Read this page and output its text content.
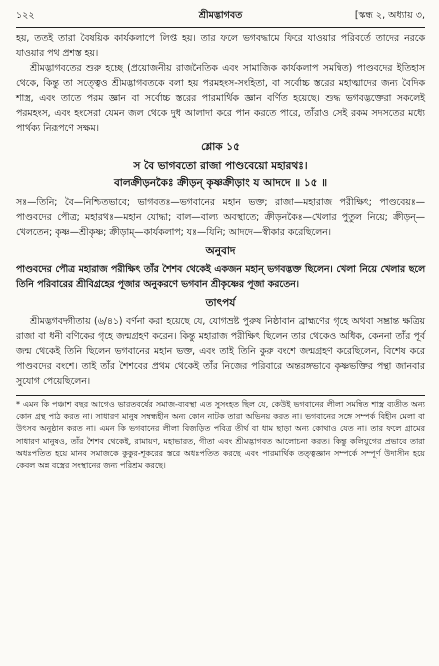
১২২	শ্রীমদ্ভাগবত	[স্কন্ধ ২, অধ্যায় ৩,

হয়, ততই তারা বৈষয়িক কার্যকলাপে লিপ্ত হয়। তার ফলে ভগবদ্ধামে ফিরে যাওয়ার পরিবর্তে তাদের নরকে যাওয়ার পথ প্রশস্ত হয়।

শ্রীমদ্ভাগবতের শুরু হচ্ছে (প্রয়োজনীয় রাজনৈতিক এবং সামাজিক কার্যকলাপ সমন্বিত) পাণ্ডবদের ইতিহাস থেকে, কিন্তু তা সত্ত্বেও শ্রীমদ্ভাগবতকে বলা হয় পরমহংস-সংহিতা, বা সর্বোচ্চ স্তরের মহাত্মাদের জন্য বৈদিক শাস্ত্র, এবং তাতে পরম জ্ঞান বা সর্বোচ্চ স্তরের পারমার্থিক জ্ঞান বর্ণিত হয়েছে। শুদ্ধ ভগবদ্ভক্তেরা সকলেই পরমহংস, এবং হংসেরা যেমন জল থেকে দুধ আলাদা করে পান করতে পারে, তাঁরাও সেই রকম সদসতের মধ্যে পার্থক্য নিরূপণে সক্ষম।

শ্লোক ১৫
স বৈ ভাগবতো রাজা পাণ্ডবেয়ো মহারথঃ।
বালক্রীড়নকৈঃ ক্রীড়ন্ কৃষ্ণক্রীড়াং য আদদে ॥ ১৫ ॥

সঃ—তিনি; বৈ—নিশ্চিতভাবে; ভাগবতঃ—ভগবানের মহান ভক্ত; রাজা—মহারাজ পরীক্ষিৎ; পাণ্ডবেয়ঃ—পাণ্ডবদের পৌত্র; মহারথঃ—মহান যোদ্ধা; বাল—বাল্য অবস্থাতে; ক্রীড়নকৈঃ—খেলার পুতুল নিয়ে; ক্রীড়ন্—খেলতেন; কৃষ্ণ—শ্রীকৃষ্ণ; ক্রীড়াম্—কার্যকলাপ; যঃ—যিনি; আদদে—স্বীকার করেছিলেন।

অনুবাদ

পাণ্ডবদের পৌত্র মহারাজ পরীক্ষিৎ তাঁর শৈশব থেকেই একজন মহান্ ভগবদ্ভক্ত ছিলেন। খেলা নিয়ে খেলার ছলে তিনি পরিবারের শ্রীবিগ্রহের পূজার অনুকরণে ভগবান শ্রীকৃষ্ণের পূজা করতেন।

তাৎপর্য

শ্রীমদ্ভগবদ্গীতায় (৬/৪১) বর্ণনা করা হয়েছে যে, যোগভ্রষ্ট পুরুষ নিষ্ঠাবান ব্রাহ্মণের গৃহে অথবা সম্ভ্রান্ত ক্ষত্রিয় রাজা বা ধনী বণিকের গৃহে জন্মগ্রহণ করেন। কিন্তু মহারাজ পরীক্ষিৎ ছিলেন তার থেকেও অধিক, কেননা তাঁর পূর্ব জন্ম থেকেই তিনি ছিলেন ভগবানের মহান ভক্ত, এবং তাই তিনি কুরু বংশে জন্মগ্রহণ করেছিলেন, বিশেষ করে পাণ্ডবদের বংশে। তাই তাঁর শৈশবের প্রথম থেকেই তাঁর নিজের পরিবারে অন্তরঙ্গভাবে কৃষ্ণভক্তির পন্থা জানবার সুযোগ পেয়েছিলেন।

* এমন কি পঞ্চাশ বছর আগেও ভারতবর্ষের সমাজ-ব্যবস্থা এত সুসংহত ছিল যে, কেউই ভগবানের লীলা সমন্বিত শাস্ত্র ব্যতীত অন্য কোন গ্রন্থ পাঠ করত না। সাধারণ মানুষ সম্বন্ধহীন অন্য কোন নাটক তারা অভিনয় করত না। ভগবানের সঙ্গে সম্পর্ক বিহীন মেলা বা উৎসব অনুষ্ঠান করত না। এমন কি ভগবানের লীলা বিজড়িত পবিত্র তীর্থ বা ধাম ছাড়া অন্য কোথাও যেত না। তার ফলে গ্রামের সাধারণ মানুষও, তাঁর শৈশব থেকেই, রামায়ণ, মহাভারত, গীতা এবং শ্রীমদ্ভাগবত আলোচনা করত। কিন্তু কলিযুগের প্রভাবে তারা অধঃপতিত হয়ে মানব সমাজকে কুকুর-শূকরের স্তরে অধঃপতিত করছে এবং পারমার্থিক তত্ত্বজ্ঞান সম্পর্কে সম্পূর্ণ উদাসীন হয়ে কেবল অন্ন বস্ত্রের সংস্থানের জন্য পরিশ্রম করছে।
